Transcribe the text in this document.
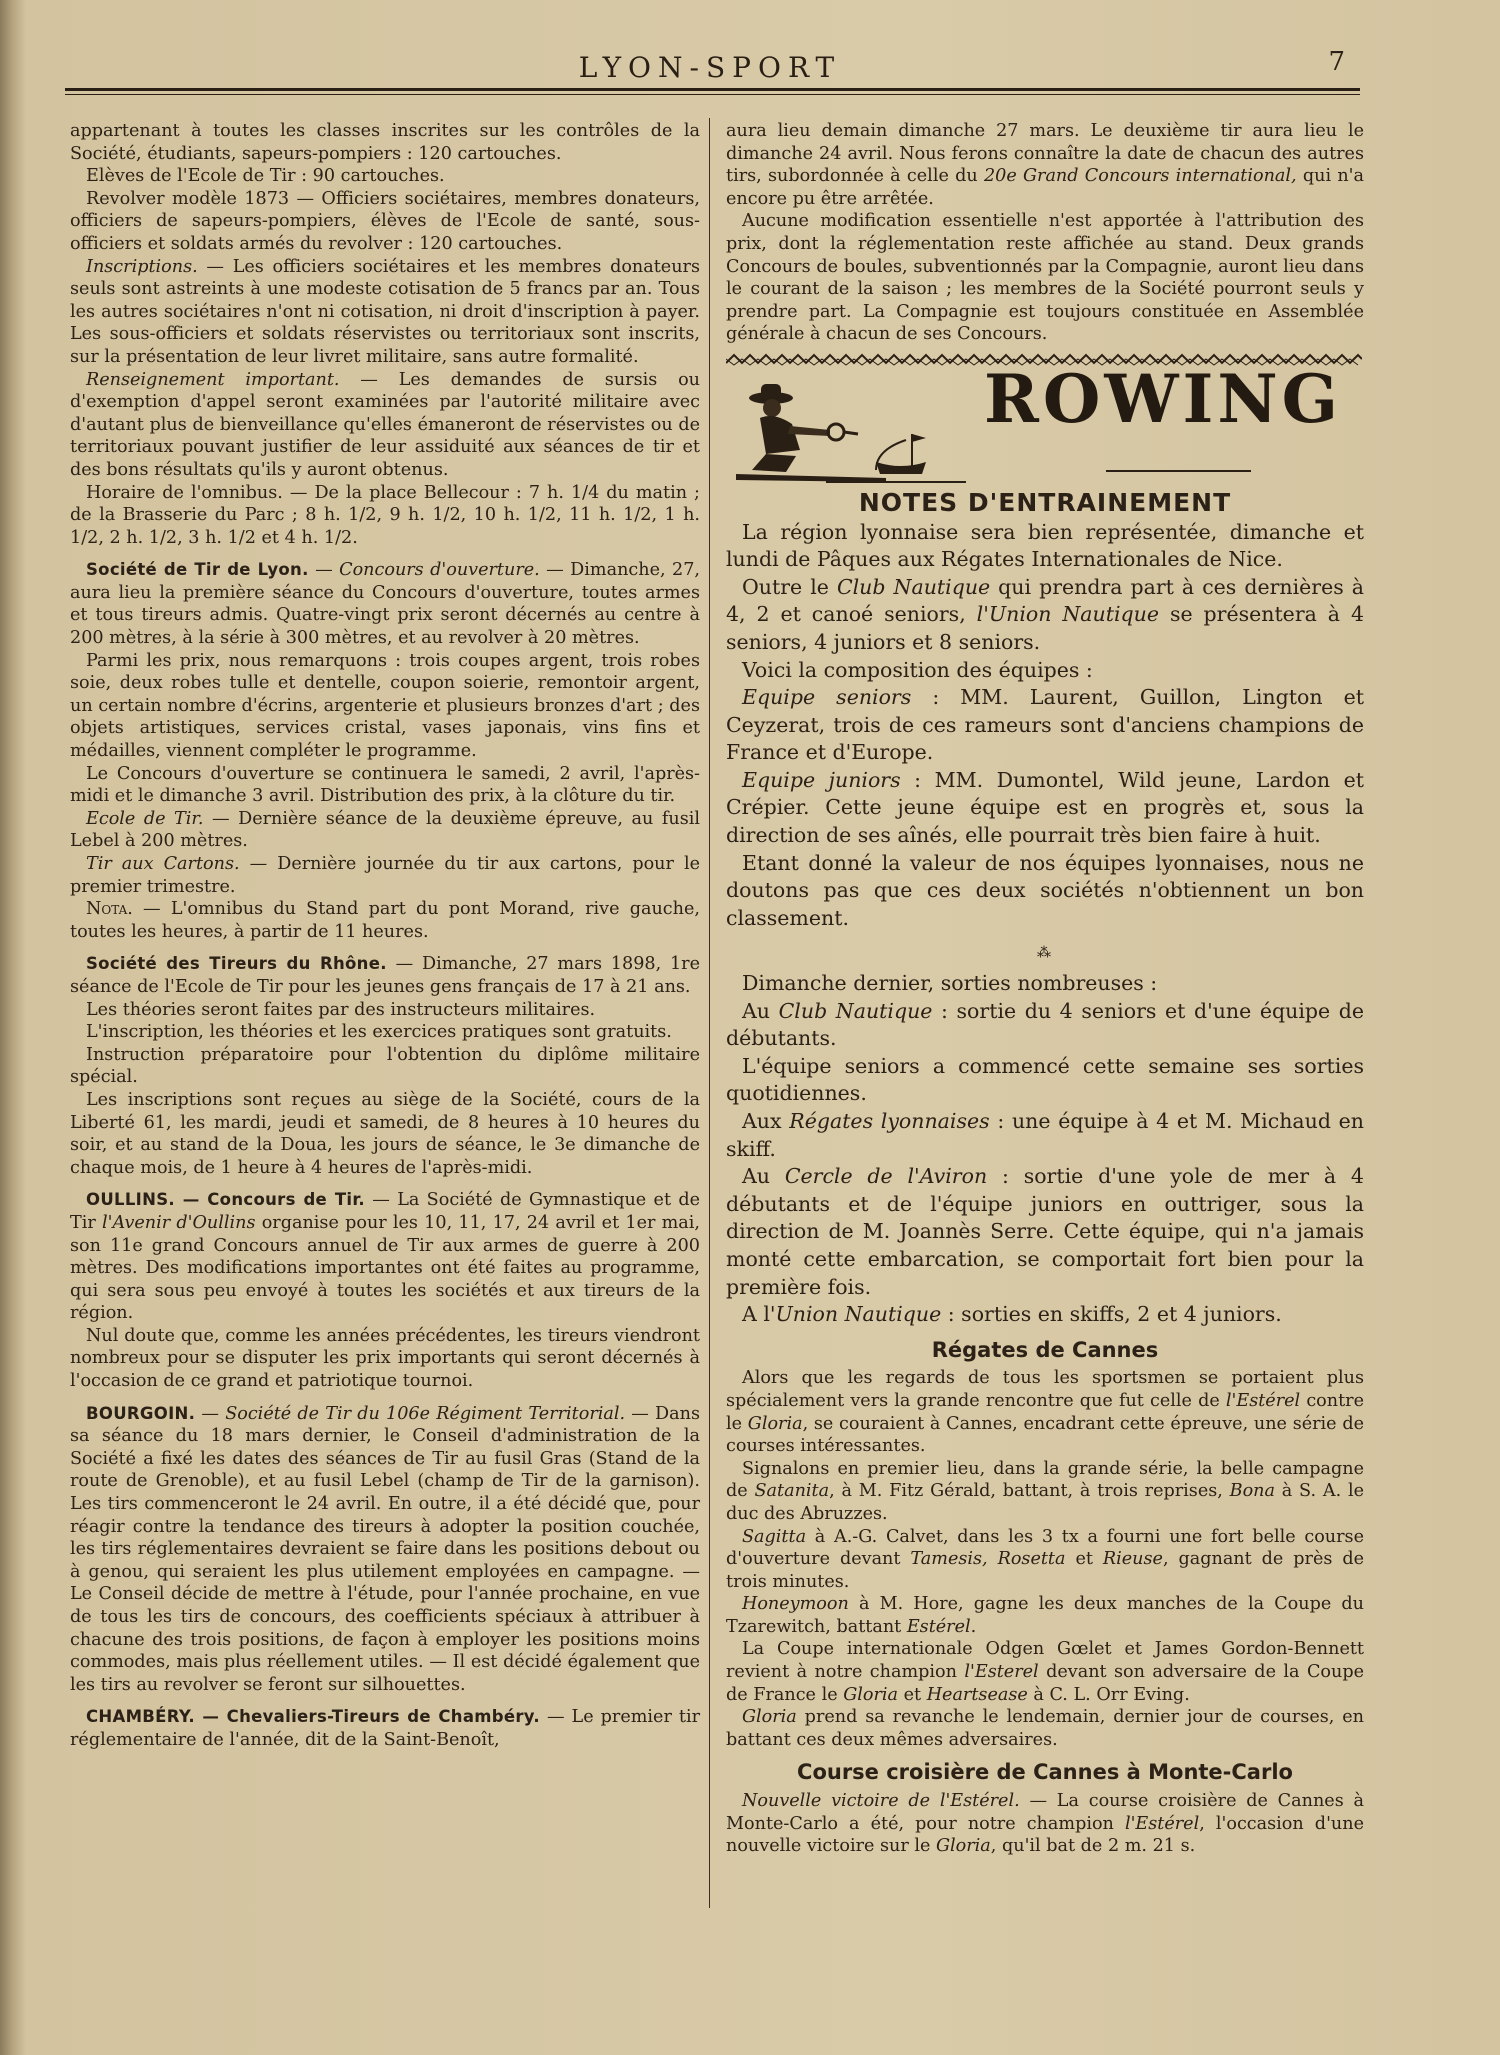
LYON-SPORT	7

appartenant à toutes les classes inscrites sur les contrôles de la Société, étudiants, sapeurs-pompiers : 120 cartouches.

Elèves de l'Ecole de Tir : 90 cartouches.

Revolver modèle 1873 — Officiers sociétaires, membres donateurs, officiers de sapeurs-pompiers, élèves de l'Ecole de santé, sous-officiers et soldats armés du revolver : 120 cartouches.

Inscriptions. — Les officiers sociétaires et les membres donateurs seuls sont astreints à une modeste cotisation de 5 francs par an. Tous les autres sociétaires n'ont ni cotisation, ni droit d'inscription à payer. Les sous-officiers et soldats réservistes ou territoriaux sont inscrits, sur la présentation de leur livret militaire, sans autre formalité.

Renseignement important. — Les demandes de sursis ou d'exemption d'appel seront examinées par l'autorité militaire avec d'autant plus de bienveillance qu'elles émaneront de réservistes ou de territoriaux pouvant justifier de leur assiduité aux séances de tir et des bons résultats qu'ils y auront obtenus.

Horaire de l'omnibus. — De la place Bellecour : 7 h. 1/4 du matin ; de la Brasserie du Parc ; 8 h. 1/2, 9 h. 1/2, 10 h. 1/2, 11 h. 1/2, 1 h. 1/2, 2 h. 1/2, 3 h. 1/2 et 4 h. 1/2.

Société de Tir de Lyon. — Concours d'ouverture. — Dimanche, 27, aura lieu la première séance du Concours d'ouverture, toutes armes et tous tireurs admis. Quatre-vingt prix seront décernés au centre à 200 mètres, à la série à 300 mètres, et au revolver à 20 mètres.

Parmi les prix, nous remarquons : trois coupes argent, trois robes soie, deux robes tulle et dentelle, coupon soierie, remontoir argent, un certain nombre d'écrins, argenterie et plusieurs bronzes d'art ; des objets artistiques, services cristal, vases japonais, vins fins et médailles, viennent compléter le programme.

Le Concours d'ouverture se continuera le samedi, 2 avril, l'après-midi et le dimanche 3 avril. Distribution des prix, à la clôture du tir.

Ecole de Tir. — Dernière séance de la deuxième épreuve, au fusil Lebel à 200 mètres.

Tir aux Cartons. — Dernière journée du tir aux cartons, pour le premier trimestre.

Nota. — L'omnibus du Stand part du pont Morand, rive gauche, toutes les heures, à partir de 11 heures.

Société des Tireurs du Rhône. — Dimanche, 27 mars 1898, 1re séance de l'Ecole de Tir pour les jeunes gens français de 17 à 21 ans.

Les théories seront faites par des instructeurs militaires.

L'inscription, les théories et les exercices pratiques sont gratuits.

Instruction préparatoire pour l'obtention du diplôme militaire spécial.

Les inscriptions sont reçues au siège de la Société, cours de la Liberté 61, les mardi, jeudi et samedi, de 8 heures à 10 heures du soir, et au stand de la Doua, les jours de séance, le 3e dimanche de chaque mois, de 1 heure à 4 heures de l'après-midi.

OULLINS. — Concours de Tir. — La Société de Gymnastique et de Tir l'Avenir d'Oullins organise pour les 10, 11, 17, 24 avril et 1er mai, son 11e grand Concours annuel de Tir aux armes de guerre à 200 mètres. Des modifications importantes ont été faites au programme, qui sera sous peu envoyé à toutes les sociétés et aux tireurs de la région.

Nul doute que, comme les années précédentes, les tireurs viendront nombreux pour se disputer les prix importants qui seront décernés à l'occasion de ce grand et patriotique tournoi.

BOURGOIN. — Société de Tir du 106e Régiment Territorial. — Dans sa séance du 18 mars dernier, le Conseil d'administration de la Société a fixé les dates des séances de Tir au fusil Gras (Stand de la route de Grenoble), et au fusil Lebel (champ de Tir de la garnison). Les tirs commenceront le 24 avril. En outre, il a été décidé que, pour réagir contre la tendance des tireurs à adopter la position couchée, les tirs réglementaires devraient se faire dans les positions debout ou à genou, qui seraient les plus utilement employées en campagne. — Le Conseil décide de mettre à l'étude, pour l'année prochaine, en vue de tous les tirs de concours, des coefficients spéciaux à attribuer à chacune des trois positions, de façon à employer les positions moins commodes, mais plus réellement utiles. — Il est décidé également que les tirs au revolver se feront sur silhouettes.

CHAMBÉRY. — Chevaliers-Tireurs de Chambéry. — Le premier tir réglementaire de l'année, dit de la Saint-Benoît,

aura lieu demain dimanche 27 mars. Le deuxième tir aura lieu le dimanche 24 avril. Nous ferons connaître la date de chacun des autres tirs, subordonnée à celle du 20e Grand Concours international, qui n'a encore pu être arrêtée.

Aucune modification essentielle n'est apportée à l'attribution des prix, dont la réglementation reste affichée au stand. Deux grands Concours de boules, subventionnés par la Compagnie, auront lieu dans le courant de la saison ; les membres de la Société pourront seuls y prendre part. La Compagnie est toujours constituée en Assemblée générale à chacun de ses Concours.

ROWING
NOTES D'ENTRAINEMENT

La région lyonnaise sera bien représentée, dimanche et lundi de Pâques aux Régates Internationales de Nice.

Outre le Club Nautique qui prendra part à ces dernières à 4, 2 et canoé seniors, l'Union Nautique se présentera à 4 seniors, 4 juniors et 8 seniors.

Voici la composition des équipes :

Equipe seniors : MM. Laurent, Guillon, Lington et Ceyzerat, trois de ces rameurs sont d'anciens champions de France et d'Europe.

Equipe juniors : MM. Dumontel, Wild jeune, Lardon et Crépier. Cette jeune équipe est en progrès et, sous la direction de ses aînés, elle pourrait très bien faire à huit.

Etant donné la valeur de nos équipes lyonnaises, nous ne doutons pas que ces deux sociétés n'obtiennent un bon classement.

⁂

Dimanche dernier, sorties nombreuses :

Au Club Nautique : sortie du 4 seniors et d'une équipe de débutants.

L'équipe seniors a commencé cette semaine ses sorties quotidiennes.

Aux Régates lyonnaises : une équipe à 4 et M. Michaud en skiff.

Au Cercle de l'Aviron : sortie d'une yole de mer à 4 débutants et de l'équipe juniors en outtriger, sous la direction de M. Joannès Serre. Cette équipe, qui n'a jamais monté cette embarcation, se comportait fort bien pour la première fois.

A l'Union Nautique : sorties en skiffs, 2 et 4 juniors.

Régates de Cannes

Alors que les regards de tous les sportsmen se portaient plus spécialement vers la grande rencontre que fut celle de l'Estérel contre le Gloria, se couraient à Cannes, encadrant cette épreuve, une série de courses intéressantes.

Signalons en premier lieu, dans la grande série, la belle campagne de Satanita, à M. Fitz Gérald, battant, à trois reprises, Bona à S. A. le duc des Abruzzes.

Sagitta à A.-G. Calvet, dans les 3 tx a fourni une fort belle course d'ouverture devant Tamesis, Rosetta et Rieuse, gagnant de près de trois minutes.

Honeymoon à M. Hore, gagne les deux manches de la Coupe du Tzarewitch, battant Estérel.

La Coupe internationale Odgen Gœlet et James Gordon-Bennett revient à notre champion l'Esterel devant son adversaire de la Coupe de France le Gloria et Heartsease à C. L. Orr Eving.

Gloria prend sa revanche le lendemain, dernier jour de courses, en battant ces deux mêmes adversaires.

Course croisière de Cannes à Monte-Carlo

Nouvelle victoire de l'Estérel. — La course croisière de Cannes à Monte-Carlo a été, pour notre champion l'Estérel, l'occasion d'une nouvelle victoire sur le Gloria, qu'il bat de 2 m. 21 s.
